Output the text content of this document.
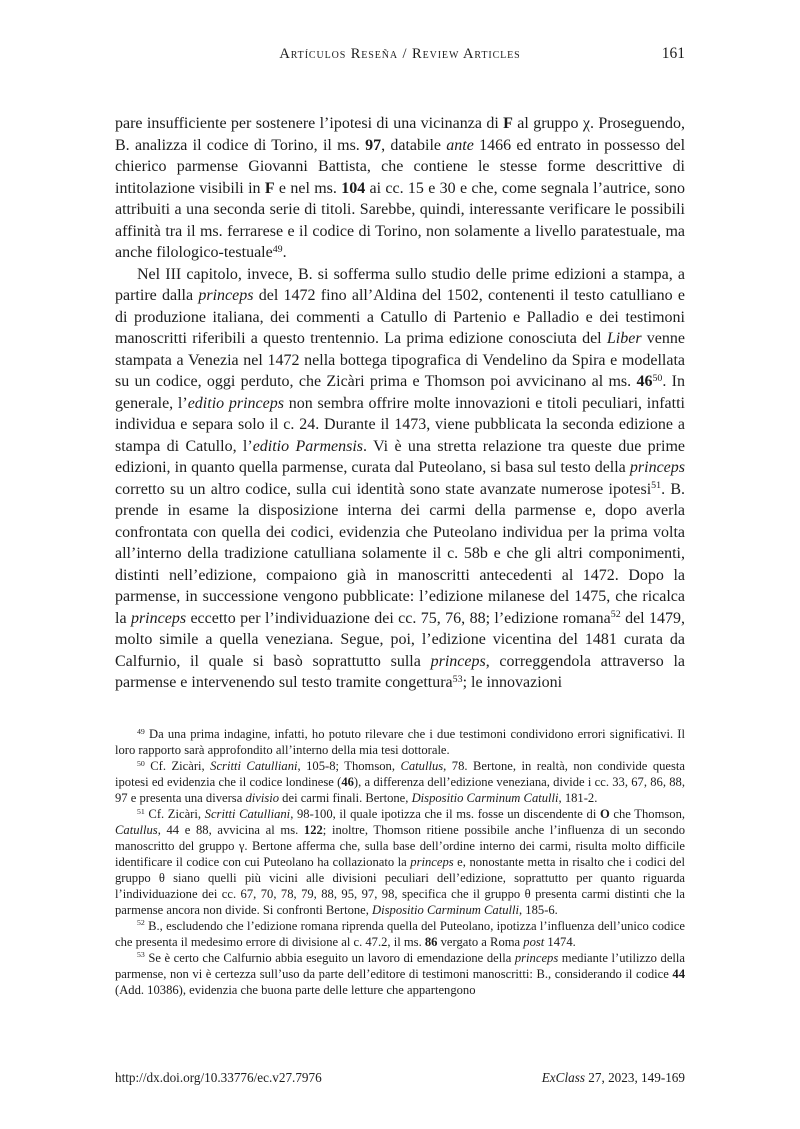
Artículos Reseña / Review Articles	161

pare insufficiente per sostenere l’ipotesi di una vicinanza di F al gruppo χ. Proseguendo, B. analizza il codice di Torino, il ms. 97, databile ante 1466 ed entrato in possesso del chierico parmense Giovanni Battista, che contiene le stesse forme descrittive di intitolazione visibili in F e nel ms. 104 ai cc. 15 e 30 e che, come segnala l’autrice, sono attribuiti a una seconda serie di titoli. Sarebbe, quindi, interessante verificare le possibili affinità tra il ms. ferrarese e il codice di Torino, non solamente a livello paratestuale, ma anche filologico-testuale$^{49}$.

Nel III capitolo, invece, B. si sofferma sullo studio delle prime edizioni a stampa, a partire dalla princeps del 1472 fino all’Aldina del 1502, contenenti il testo catulliano e di produzione italiana, dei commenti a Catullo di Partenio e Palladio e dei testimoni manoscritti riferibili a questo trentennio. La prima edizione conosciuta del Liber venne stampata a Venezia nel 1472 nella bottega tipografica di Vendelino da Spira e modellata su un codice, oggi perduto, che Zicàri prima e Thomson poi avvicinano al ms. $46^{50}$. In generale, l’editio princeps non sembra offrire molte innovazioni e titoli peculiari, infatti individua e separa solo il c. 24. Durante il 1473, viene pubblicata la seconda edizione a stampa di Catullo, l’editio Parmensis. Vi è una stretta relazione tra queste due prime edizioni, in quanto quella parmense, curata dal Puteolano, si basa sul testo della princeps corretto su un altro codice, sulla cui identità sono state avanzate numerose ipotesi$^{51}$. B. prende in esame la disposizione interna dei carmi della parmense e, dopo averla confrontata con quella dei codici, evidenzia che Puteolano individua per la prima volta all’interno della tradizione catulliana solamente il c. 58b e che gli altri componimenti, distinti nell’edizione, compaiono già in manoscritti antecedenti al 1472. Dopo la parmense, in successione vengono pubblicate: l’edizione milanese del 1475, che ricalca la princeps eccetto per l’individuazione dei cc. 75, 76, 88; l’edizione romana$^{52}$ del 1479, molto simile a quella veneziana. Segue, poi, l’edizione vicentina del 1481 curata da Calfurnio, il quale si basò soprattutto sulla princeps, correggendola attraverso la parmense e intervenendo sul testo tramite congettura$^{53}$; le innovazioni

$^{49}$ Da una prima indagine, infatti, ho potuto rilevare che i due testimoni condividono errori significativi. Il loro rapporto sarà approfondito all’interno della mia tesi dottorale.

$^{50}$ Cf. Zicàri, Scritti Catulliani, 105-8; Thomson, Catullus, 78. Bertone, in realtà, non condivide questa ipotesi ed evidenzia che il codice londinese (46), a differenza dell’edizione veneziana, divide i cc. 33, 67, 86, 88, 97 e presenta una diversa divisio dei carmi finali. Bertone, Dispositio Carminum Catulli, 181-2.

$^{51}$ Cf. Zicàri, Scritti Catulliani, 98-100, il quale ipotizza che il ms. fosse un discendente di O che Thomson, Catullus, 44 e 88, avvicina al ms. 122; inoltre, Thomson ritiene possibile anche l’influenza di un secondo manoscritto del gruppo γ. Bertone afferma che, sulla base dell’ordine interno dei carmi, risulta molto difficile identificare il codice con cui Puteolano ha collazionato la princeps e, nonostante metta in risalto che i codici del gruppo θ siano quelli più vicini alle divisioni peculiari dell’edizione, soprattutto per quanto riguarda l’individuazione dei cc. 67, 70, 78, 79, 88, 95, 97, 98, specifica che il gruppo θ presenta carmi distinti che la parmense ancora non divide. Si confronti Bertone, Dispositio Carminum Catulli, 185-6.

$^{52}$ B., escludendo che l’edizione romana riprenda quella del Puteolano, ipotizza l’influenza dell’unico codice che presenta il medesimo errore di divisione al c. 47.2, il ms. 86 vergato a Roma post 1474.

$^{53}$ Se è certo che Calfurnio abbia eseguito un lavoro di emendazione della princeps mediante l’utilizzo della parmense, non vi è certezza sull’uso da parte dell’editore di testimoni manoscritti: B., considerando il codice 44 (Add. 10386), evidenzia che buona parte delle letture che appartengono

http://dx.doi.org/10.33776/ec.v27.7976	ExClass 27, 2023, 149-169
